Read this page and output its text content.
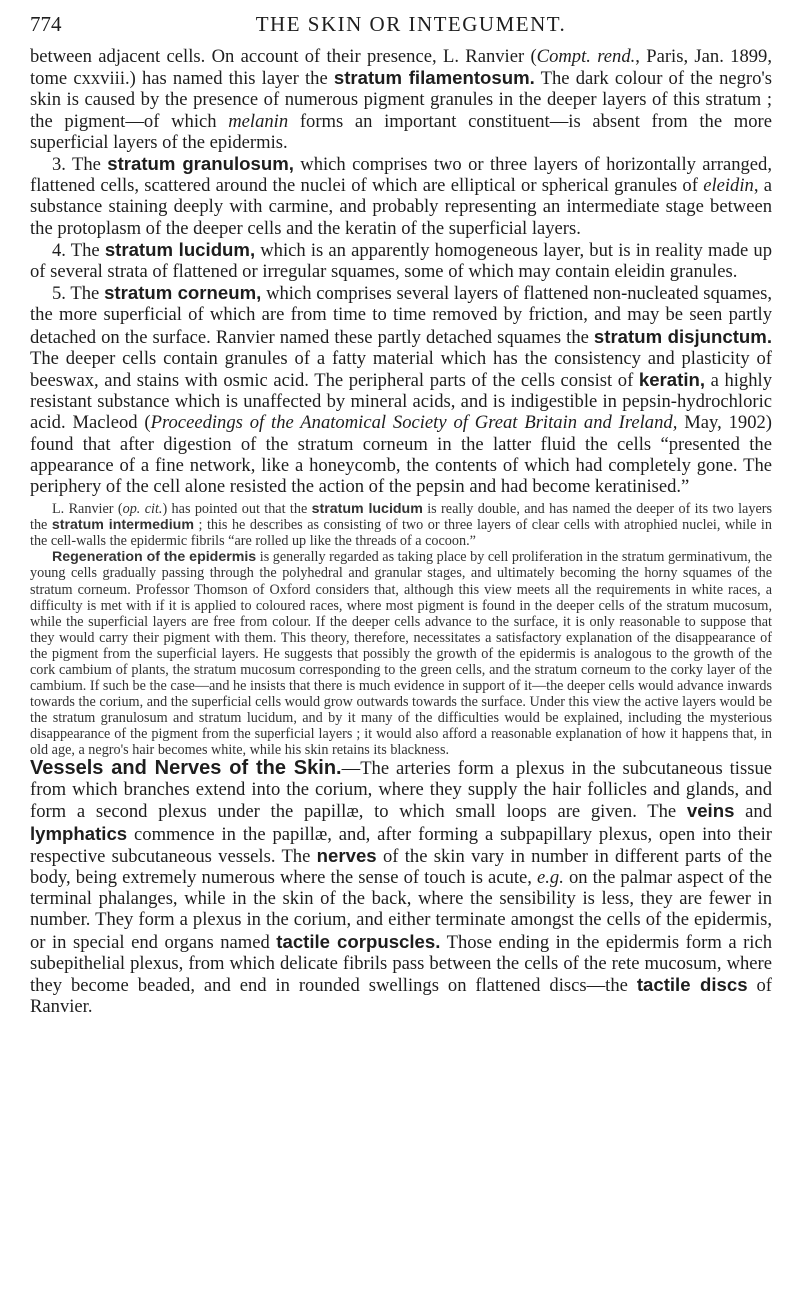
774	THE SKIN OR INTEGUMENT.

between adjacent cells. On account of their presence, L. Ranvier (Compt. rend., Paris, Jan. 1899, tome cxxviii.) has named this layer the stratum filamentosum. The dark colour of the negro's skin is caused by the presence of numerous pigment granules in the deeper layers of this stratum ; the pigment—of which melanin forms an important constituent—is absent from the more superficial layers of the epidermis.

3. The stratum granulosum, which comprises two or three layers of horizontally arranged, flattened cells, scattered around the nuclei of which are elliptical or spherical granules of eleidin, a substance staining deeply with carmine, and probably representing an intermediate stage between the protoplasm of the deeper cells and the keratin of the superficial layers.

4. The stratum lucidum, which is an apparently homogeneous layer, but is in reality made up of several strata of flattened or irregular squames, some of which may contain eleidin granules.

5. The stratum corneum, which comprises several layers of flattened non-nucleated squames, the more superficial of which are from time to time removed by friction, and may be seen partly detached on the surface. Ranvier named these partly detached squames the stratum disjunctum. The deeper cells contain granules of a fatty material which has the consistency and plasticity of beeswax, and stains with osmic acid. The peripheral parts of the cells consist of keratin, a highly resistant substance which is unaffected by mineral acids, and is indigestible in pepsin-hydrochloric acid. Macleod (Proceedings of the Anatomical Society of Great Britain and Ireland, May, 1902) found that after digestion of the stratum corneum in the latter fluid the cells “presented the appearance of a fine network, like a honeycomb, the contents of which had completely gone. The periphery of the cell alone resisted the action of the pepsin and had become keratinised.”

L. Ranvier (op. cit.) has pointed out that the stratum lucidum is really double, and has named the deeper of its two layers the stratum intermedium ; this he describes as consisting of two or three layers of clear cells with atrophied nuclei, while in the cell-walls the epidermic fibrils “are rolled up like the threads of a cocoon.”

Regeneration of the epidermis is generally regarded as taking place by cell proliferation in the stratum germinativum, the young cells gradually passing through the polyhedral and granular stages, and ultimately becoming the horny squames of the stratum corneum. Professor Thomson of Oxford considers that, although this view meets all the requirements in white races, a difficulty is met with if it is applied to coloured races, where most pigment is found in the deeper cells of the stratum mucosum, while the superficial layers are free from colour. If the deeper cells advance to the surface, it is only reasonable to suppose that they would carry their pigment with them. This theory, therefore, necessitates a satisfactory explanation of the disappearance of the pigment from the superficial layers. He suggests that possibly the growth of the epidermis is analogous to the growth of the cork cambium of plants, the stratum mucosum corresponding to the green cells, and the stratum corneum to the corky layer of the cambium. If such be the case—and he insists that there is much evidence in support of it—the deeper cells would advance inwards towards the corium, and the superficial cells would grow outwards towards the surface. Under this view the active layers would be the stratum granulosum and stratum lucidum, and by it many of the difficulties would be explained, including the mysterious disappearance of the pigment from the superficial layers ; it would also afford a reasonable explanation of how it happens that, in old age, a negro's hair becomes white, while his skin retains its blackness.

Vessels and Nerves of the Skin.—The arteries form a plexus in the subcutaneous tissue from which branches extend into the corium, where they supply the hair follicles and glands, and form a second plexus under the papillæ, to which small loops are given. The veins and lymphatics commence in the papillæ, and, after forming a subpapillary plexus, open into their respective subcutaneous vessels. The nerves of the skin vary in number in different parts of the body, being extremely numerous where the sense of touch is acute, e.g. on the palmar aspect of the terminal phalanges, while in the skin of the back, where the sensibility is less, they are fewer in number. They form a plexus in the corium, and either terminate amongst the cells of the epidermis, or in special end organs named tactile corpuscles. Those ending in the epidermis form a rich subepithelial plexus, from which delicate fibrils pass between the cells of the rete mucosum, where they become beaded, and end in rounded swellings on flattened discs—the tactile discs of Ranvier.
